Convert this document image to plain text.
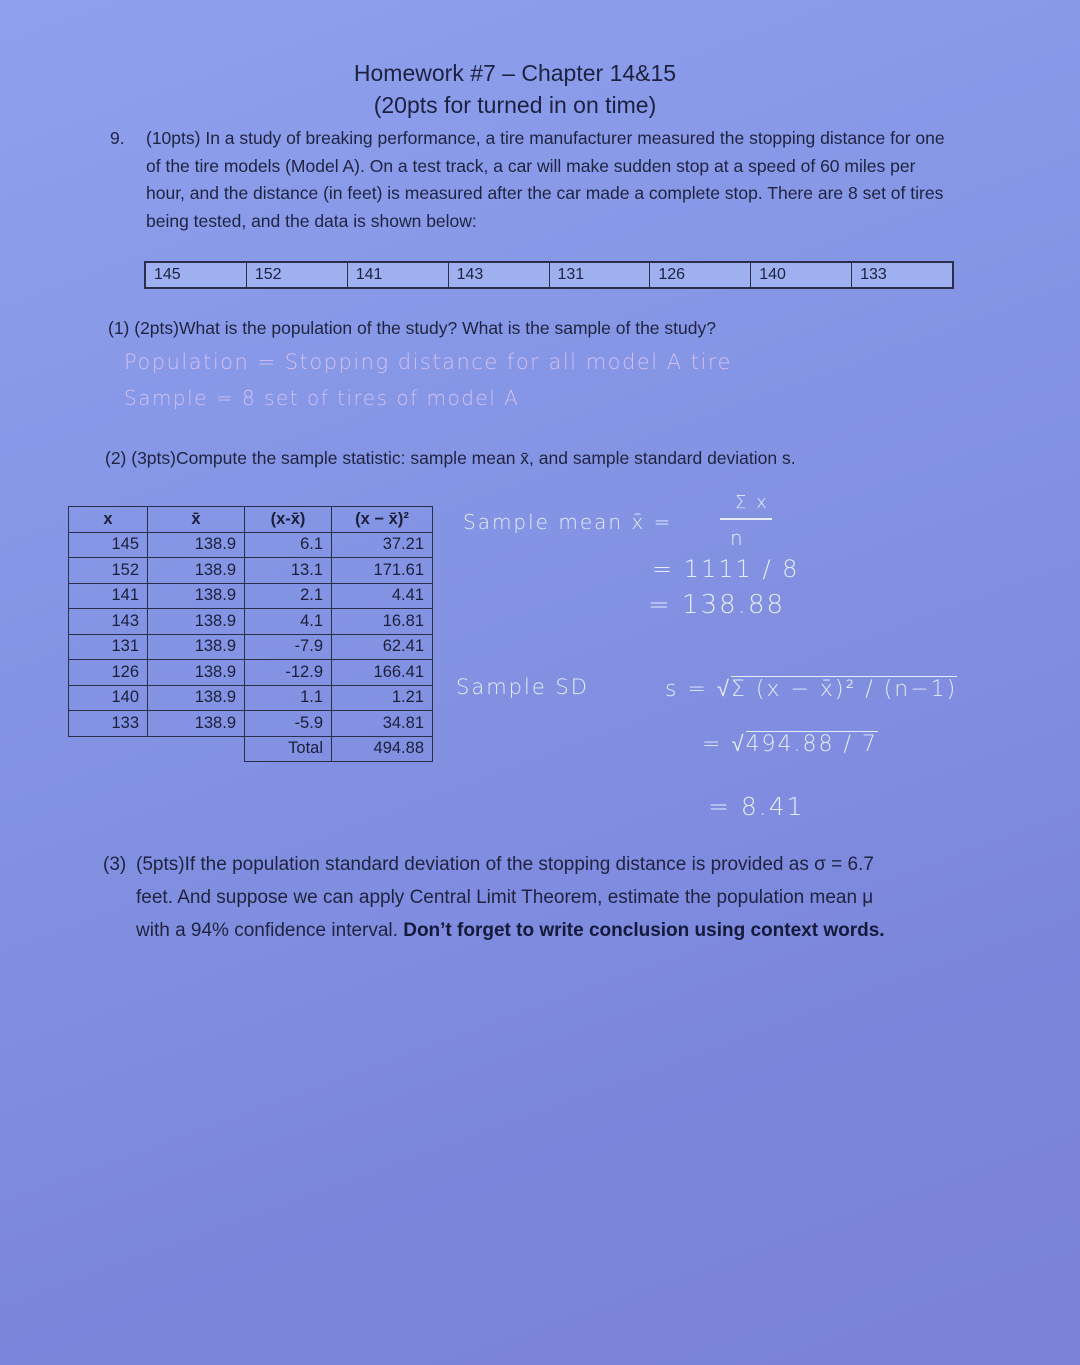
Homework #7 – Chapter 14&15
(20pts for turned in on time)
9. (10pts) In a study of breaking performance, a tire manufacturer measured the stopping distance for one of the tire models (Model A). On a test track, a car will make sudden stop at a speed of 60 miles per hour, and the distance (in feet) is measured after the car made a complete stop. There are 8 set of tires being tested, and the data is shown below:
145	152	141	143	131	126	140	133
(1) (2pts)What is the population of the study? What is the sample of the study?
Population = Stopping distance for all model A tire
Sample = 8 set of tires of model A
(2) (3pts)Compute the sample statistic: sample mean x̄, and sample standard deviation s.
x	x̄	(x-x̄)	(x − x̄)²
145	138.9	6.1	37.21
152	138.9	13.1	171.61
141	138.9	2.1	4.41
143	138.9	4.1	16.81
131	138.9	-7.9	62.41
126	138.9	-12.9	166.41
140	138.9	1.1	1.21
133	138.9	-5.9	34.81
		Total	494.88
Sample mean x̄ =
Σ x
n
= 1111 / 8
= 138.88
Sample SD	s = √Σ (x − x̄)² / (n−1)
= √494.88 / 7
= 8.41
(3) (5pts)If the population standard deviation of the stopping distance is provided as σ = 6.7
feet. And suppose we can apply Central Limit Theorem, estimate the population mean μ
with a 94% confidence interval. Don’t forget to write conclusion using context words.
